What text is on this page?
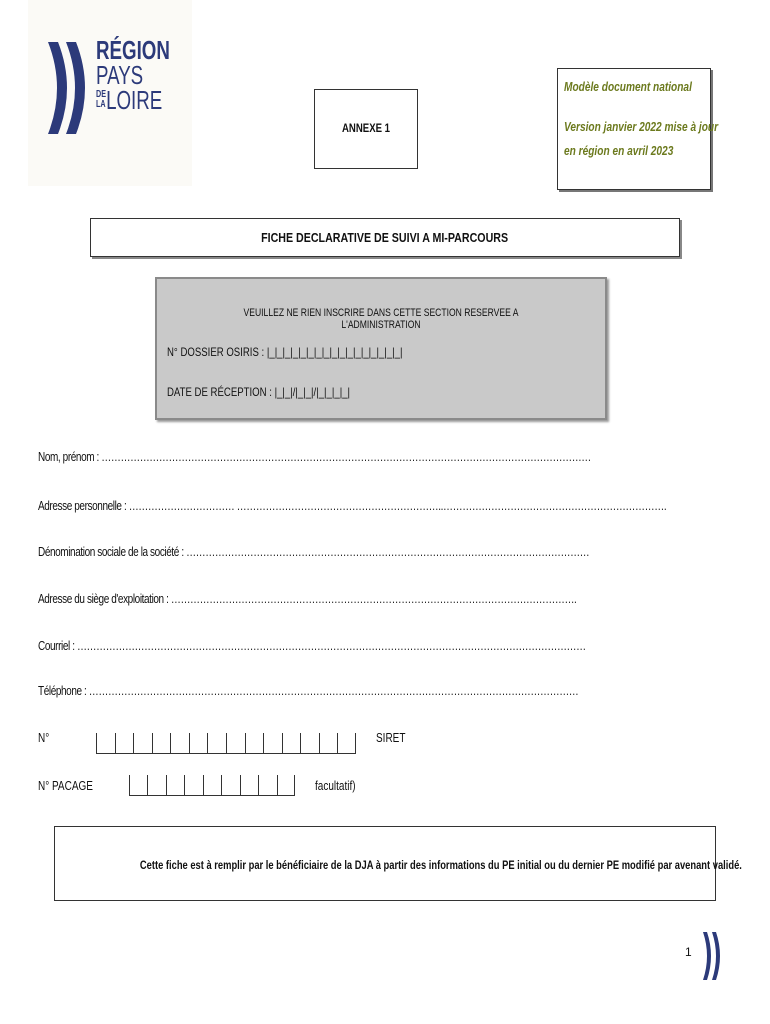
RÉGION
PAYS
DE
LA LOIRE
ANNEXE 1
Modèle document national
Version janvier 2022 mise à jour
en région en avril 2023
FICHE DECLARATIVE DE SUIVI A MI-PARCOURS
VEUILLEZ NE RIEN INSCRIRE DANS CETTE SECTION RESERVEE A L'ADMINISTRATION
N° DOSSIER OSIRIS : |_|_|_|_|_|_|_|_|_|_|_|_|_|_|_|_|_|
DATE DE RÉCEPTION : |_|_|/|_|_|/|_|_|_|_|
Nom, prénom : ………………………………………………………………………………………………………………………………………
Adresse personnelle : …………………………… ………………………………………………………..…………………………………………………………….
Dénomination sociale de la société : ………………………………………………………………………………………………………………
Adresse du siège d'exploitation : ……………………………………………………………………………………………………………….
Courriel : ……………………………………………………………………………………………………………………………………………
Téléphone : ………………………………………………………………………………………………………………………………………
N°	SIRET
N° PACAGE	facultatif)
Cette fiche est à remplir par le bénéficiaire de la DJA à partir des informations du PE initial ou du dernier PE modifié par avenant validé.
1
